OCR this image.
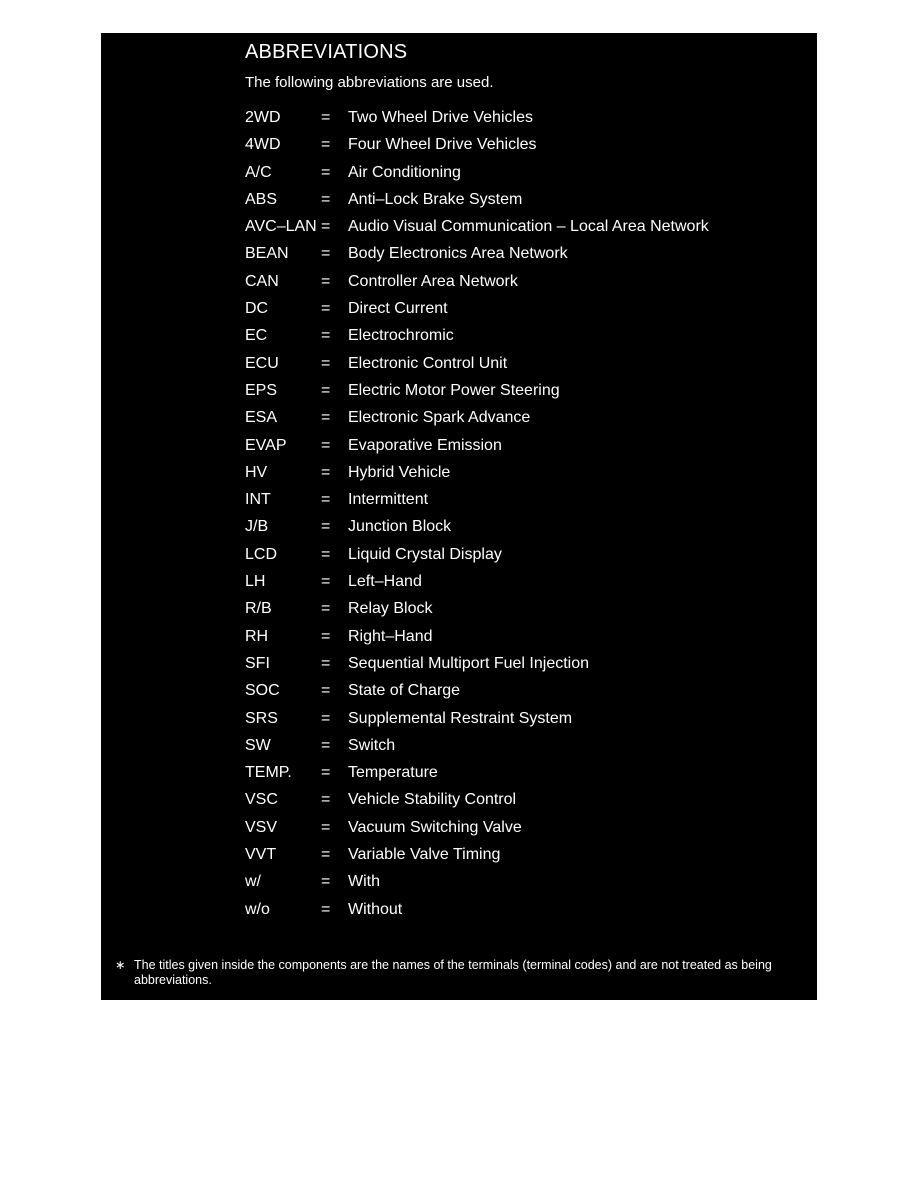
ABBREVIATIONS
The following abbreviations are used.
2WD	= Two Wheel Drive Vehicles
4WD	= Four Wheel Drive Vehicles
A/C	= Air Conditioning
ABS	= Anti–Lock Brake System
AVC–LAN = Audio Visual Communication – Local Area Network
BEAN = Body Electronics Area Network
CAN	= Controller Area Network
DC	= Direct Current
EC	= Electrochromic
ECU	= Electronic Control Unit
EPS	= Electric Motor Power Steering
ESA	= Electronic Spark Advance
EVAP = Evaporative Emission
HV	= Hybrid Vehicle
INT	= Intermittent
J/B	= Junction Block
LCD	= Liquid Crystal Display
LH	= Left–Hand
R/B	= Relay Block
RH	= Right–Hand
SFI	= Sequential Multiport Fuel Injection
SOC	= State of Charge
SRS	= Supplemental Restraint System
SW	= Switch
TEMP. = Temperature
VSC	= Vehicle Stability Control
VSV	= Vacuum Switching Valve
VVT	= Variable Valve Timing
w/	= With
w/o	= Without
∗ The titles given inside the components are the names of the terminals (terminal codes) and are not treated as being abbreviations.
